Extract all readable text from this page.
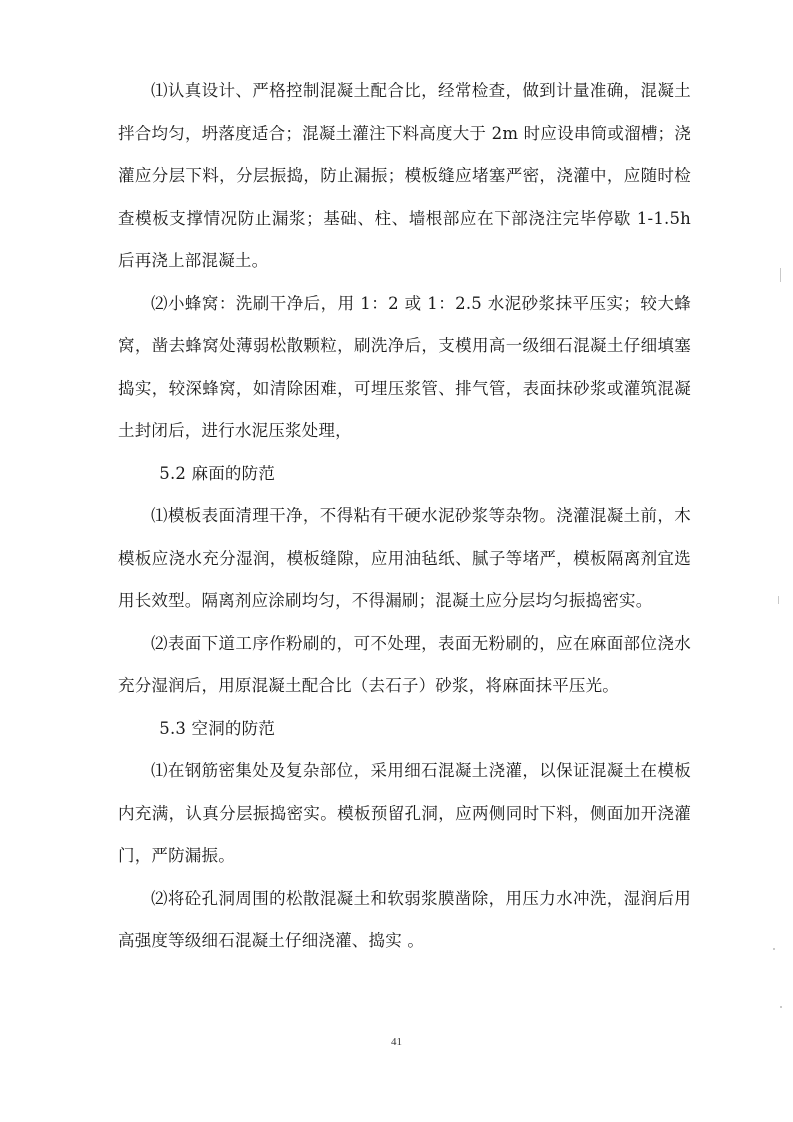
⑴认真设计、严格控制混凝土配合比，经常检查，做到计量准确，混凝土拌合均匀，坍落度适合；混凝土灌注下料高度大于 2m 时应设串筒或溜槽；浇灌应分层下料，分层振捣，防止漏振；模板缝应堵塞严密，浇灌中，应随时检查模板支撑情况防止漏浆；基础、柱、墙根部应在下部浇注完毕停歇 1-1.5h 后再浇上部混凝土。

⑵小蜂窝：洗刷干净后，用 1：2 或 1：2.5 水泥砂浆抹平压实；较大蜂窝，凿去蜂窝处薄弱松散颗粒，刷洗净后，支模用高一级细石混凝土仔细填塞捣实，较深蜂窝，如清除困难，可埋压浆管、排气管，表面抹砂浆或灌筑混凝土封闭后，进行水泥压浆处理，

5.2 麻面的防范

⑴模板表面清理干净，不得粘有干硬水泥砂浆等杂物。浇灌混凝土前，木模板应浇水充分湿润，模板缝隙，应用油毡纸、腻子等堵严，模板隔离剂宜选用长效型。隔离剂应涂刷均匀，不得漏刷；混凝土应分层均匀振捣密实。

⑵表面下道工序作粉刷的，可不处理，表面无粉刷的，应在麻面部位浇水充分湿润后，用原混凝土配合比（去石子）砂浆，将麻面抹平压光。

5.3 空洞的防范

⑴在钢筋密集处及复杂部位，采用细石混凝土浇灌，以保证混凝土在模板内充满，认真分层振捣密实。模板预留孔洞，应两侧同时下料，侧面加开浇灌门，严防漏振。

⑵将砼孔洞周围的松散混凝土和软弱浆膜凿除，用压力水冲洗，湿润后用高强度等级细石混凝土仔细浇灌、捣实 。

41
